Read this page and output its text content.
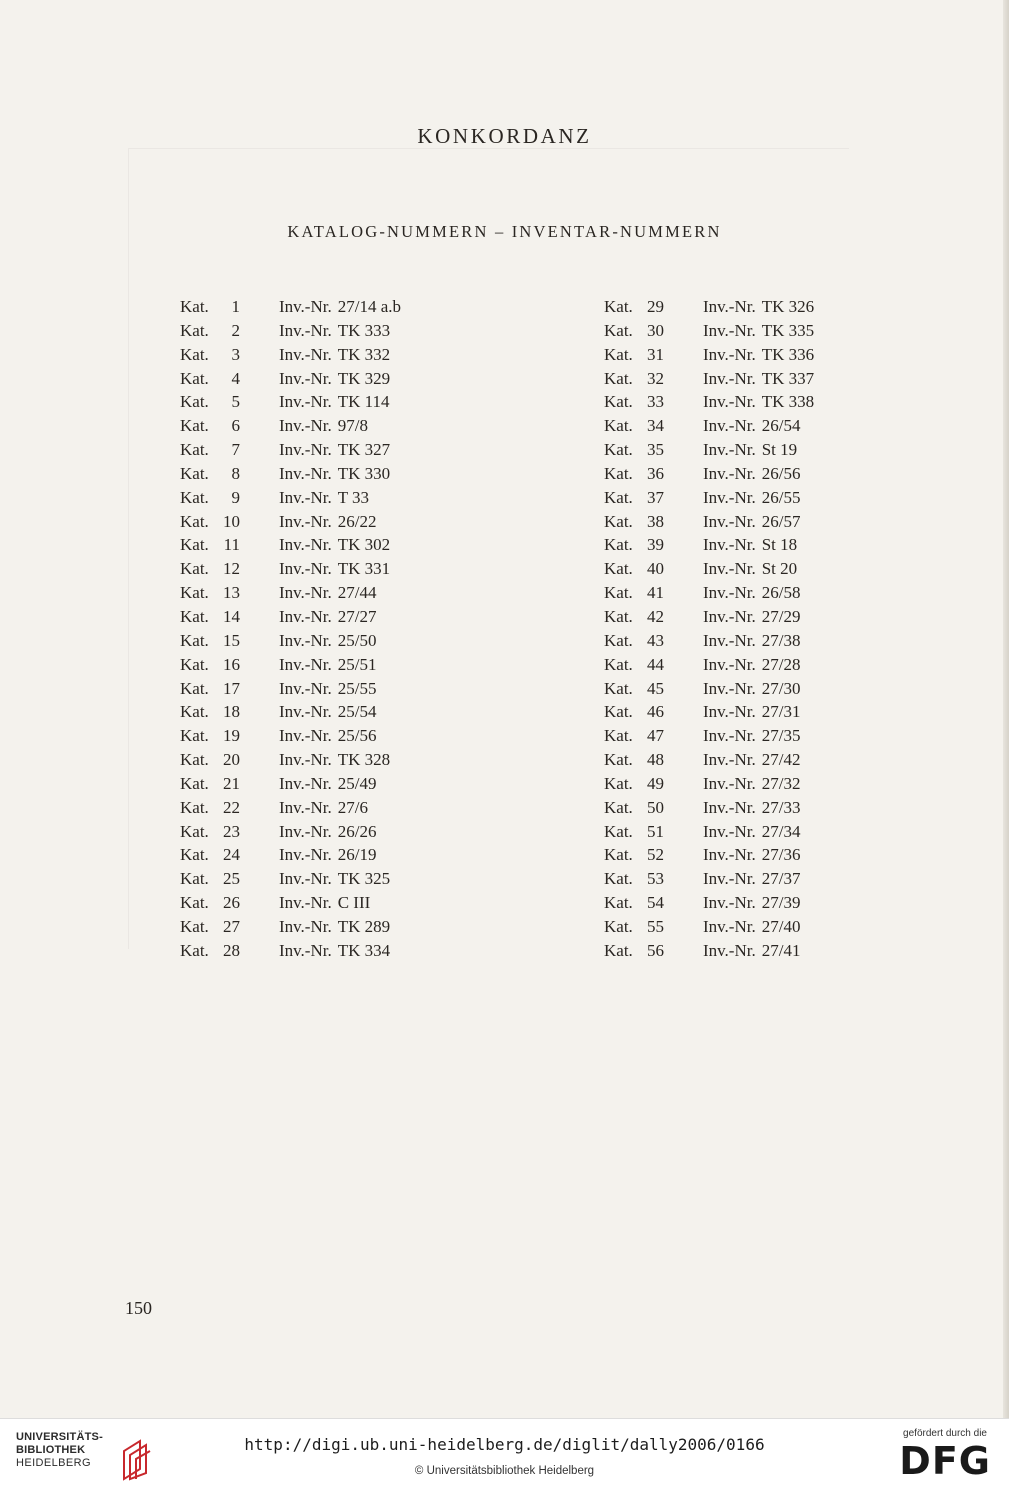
KONKORDANZ
KATALOG-NUMMERN – INVENTAR-NUMMERN
Kat. 1 Inv.-Nr. 27/14 a.b
Kat. 2 Inv.-Nr. TK 333
Kat. 3 Inv.-Nr. TK 332
Kat. 4 Inv.-Nr. TK 329
Kat. 5 Inv.-Nr. TK 114
Kat. 6 Inv.-Nr. 97/8
Kat. 7 Inv.-Nr. TK 327
Kat. 8 Inv.-Nr. TK 330
Kat. 9 Inv.-Nr. T 33
Kat. 10 Inv.-Nr. 26/22
Kat. 11 Inv.-Nr. TK 302
Kat. 12 Inv.-Nr. TK 331
Kat. 13 Inv.-Nr. 27/44
Kat. 14 Inv.-Nr. 27/27
Kat. 15 Inv.-Nr. 25/50
Kat. 16 Inv.-Nr. 25/51
Kat. 17 Inv.-Nr. 25/55
Kat. 18 Inv.-Nr. 25/54
Kat. 19 Inv.-Nr. 25/56
Kat. 20 Inv.-Nr. TK 328
Kat. 21 Inv.-Nr. 25/49
Kat. 22 Inv.-Nr. 27/6
Kat. 23 Inv.-Nr. 26/26
Kat. 24 Inv.-Nr. 26/19
Kat. 25 Inv.-Nr. TK 325
Kat. 26 Inv.-Nr. C III
Kat. 27 Inv.-Nr. TK 289
Kat. 28 Inv.-Nr. TK 334
Kat. 29 Inv.-Nr. TK 326
Kat. 30 Inv.-Nr. TK 335
Kat. 31 Inv.-Nr. TK 336
Kat. 32 Inv.-Nr. TK 337
Kat. 33 Inv.-Nr. TK 338
Kat. 34 Inv.-Nr. 26/54
Kat. 35 Inv.-Nr. St 19
Kat. 36 Inv.-Nr. 26/56
Kat. 37 Inv.-Nr. 26/55
Kat. 38 Inv.-Nr. 26/57
Kat. 39 Inv.-Nr. St 18
Kat. 40 Inv.-Nr. St 20
Kat. 41 Inv.-Nr. 26/58
Kat. 42 Inv.-Nr. 27/29
Kat. 43 Inv.-Nr. 27/38
Kat. 44 Inv.-Nr. 27/28
Kat. 45 Inv.-Nr. 27/30
Kat. 46 Inv.-Nr. 27/31
Kat. 47 Inv.-Nr. 27/35
Kat. 48 Inv.-Nr. 27/42
Kat. 49 Inv.-Nr. 27/32
Kat. 50 Inv.-Nr. 27/33
Kat. 51 Inv.-Nr. 27/34
Kat. 52 Inv.-Nr. 27/36
Kat. 53 Inv.-Nr. 27/37
Kat. 54 Inv.-Nr. 27/39
Kat. 55 Inv.-Nr. 27/40
Kat. 56 Inv.-Nr. 27/41
150
UNIVERSITÄTS-
BIBLIOTHEK
HEIDELBERG
http://digi.ub.uni-heidelberg.de/diglit/dally2006/0166
© Universitätsbibliothek Heidelberg
gefördert durch die
DFG
